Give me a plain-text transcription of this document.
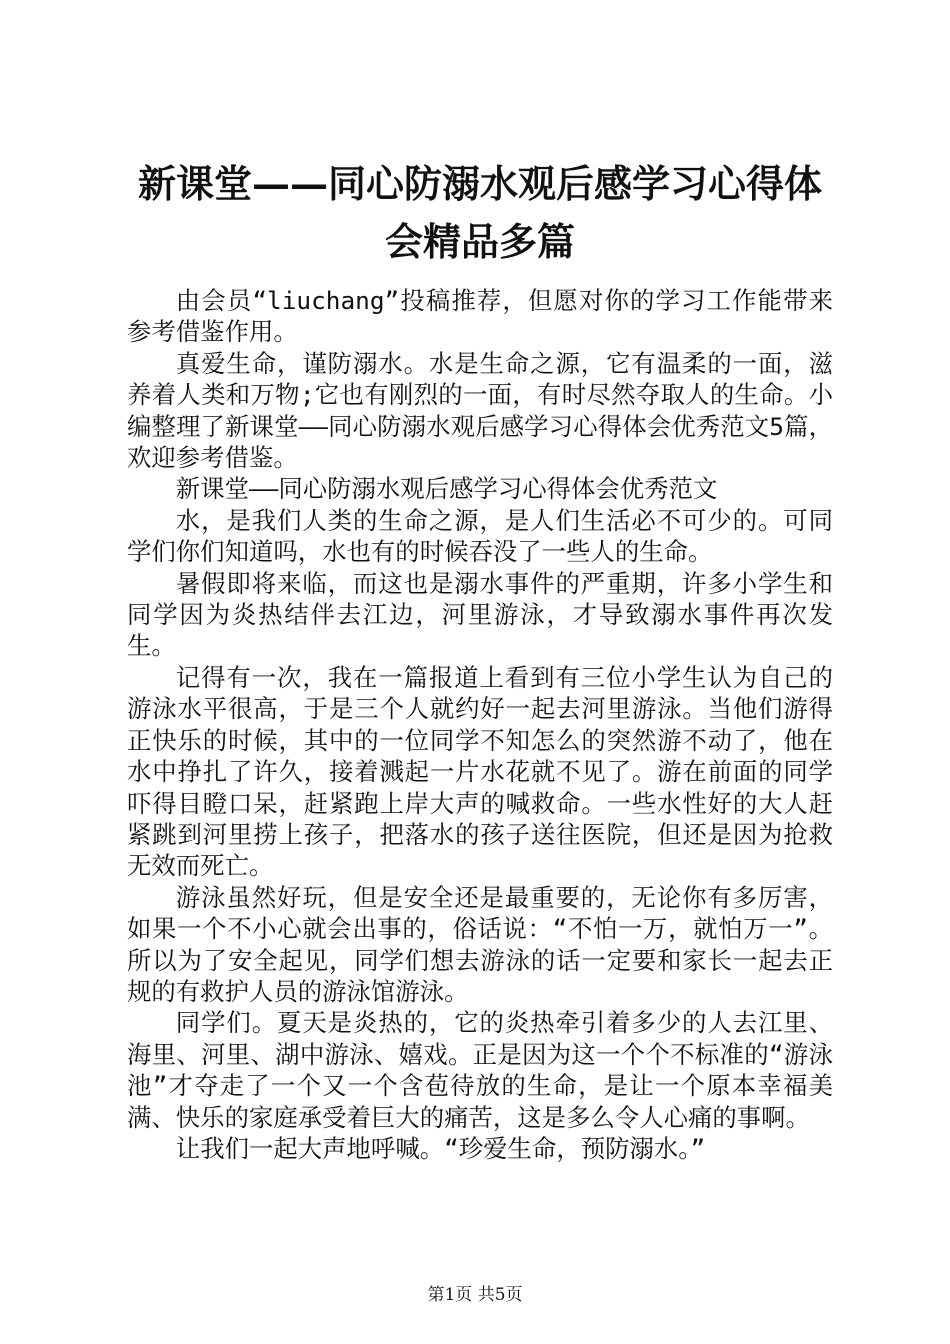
新课堂——同心防溺水观后感学习心得体会精品多篇

由会员“liuchang”投稿推荐，但愿对你的学习工作能带来参考借鉴作用。

真爱生命，谨防溺水。水是生命之源，它有温柔的一面，滋养着人类和万物;它也有刚烈的一面，有时尽然夺取人的生命。小编整理了新课堂——同心防溺水观后感学习心得体会优秀范文5篇，欢迎参考借鉴。

新课堂——同心防溺水观后感学习心得体会优秀范文

水，是我们人类的生命之源，是人们生活必不可少的。可同学们你们知道吗，水也有的时候吞没了一些人的生命。

暑假即将来临，而这也是溺水事件的严重期，许多小学生和同学因为炎热结伴去江边，河里游泳，才导致溺水事件再次发生。

记得有一次，我在一篇报道上看到有三位小学生认为自己的游泳水平很高，于是三个人就约好一起去河里游泳。当他们游得正快乐的时候，其中的一位同学不知怎么的突然游不动了，他在水中挣扎了许久，接着溅起一片水花就不见了。游在前面的同学吓得目瞪口呆，赶紧跑上岸大声的喊救命。一些水性好的大人赶紧跳到河里捞上孩子，把落水的孩子送往医院，但还是因为抢救无效而死亡。

游泳虽然好玩，但是安全还是最重要的，无论你有多厉害，如果一个不小心就会出事的，俗话说：“不怕一万，就怕万一”。所以为了安全起见，同学们想去游泳的话一定要和家长一起去正规的有救护人员的游泳馆游泳。

同学们。夏天是炎热的，它的炎热牵引着多少的人去江里、海里、河里、湖中游泳、嬉戏。正是因为这一个个不标准的“游泳池”才夺走了一个又一个含苞待放的生命，是让一个原本幸福美满、快乐的家庭承受着巨大的痛苦，这是多么令人心痛的事啊。

让我们一起大声地呼喊。“珍爱生命，预防溺水。”

第1页 共5页
